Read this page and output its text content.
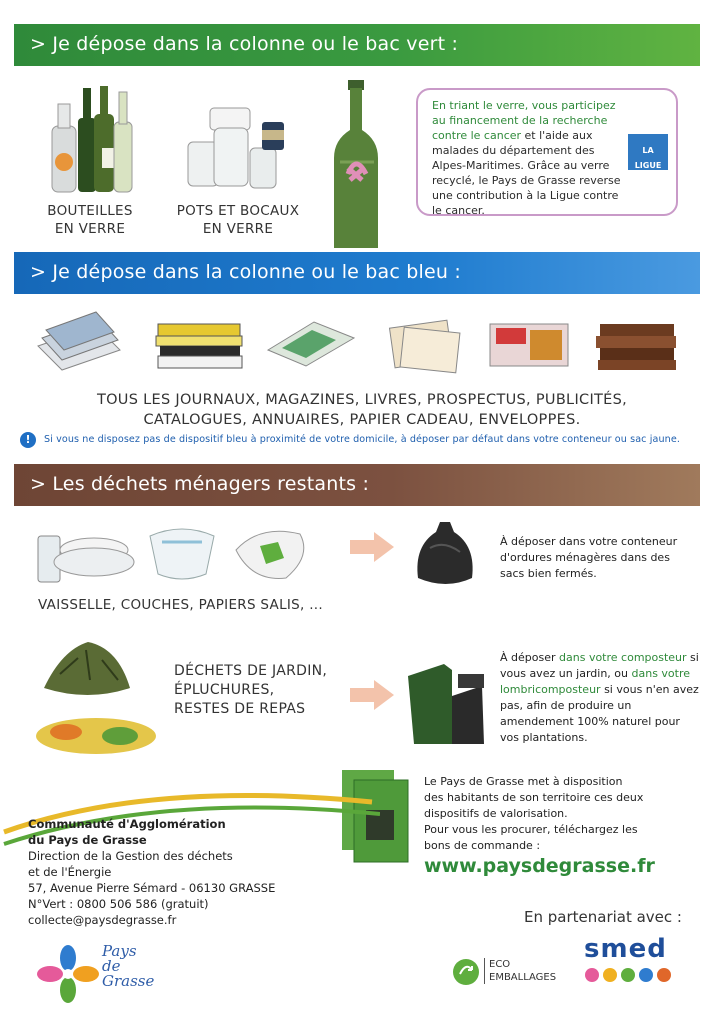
> Je dépose dans la colonne ou le bac vert :
BOUTEILLES
EN VERRE
POTS ET BOCAUX
EN VERRE
En triant le verre, vous participez au financement de la recherche contre le cancer et l'aide aux malades du département des Alpes-Maritimes. Grâce au verre recyclé, le Pays de Grasse reverse une contribution à la Ligue contre le cancer.
LA LIGUE
> Je dépose dans la colonne ou le bac bleu :
TOUS LES JOURNAUX, MAGAZINES, LIVRES, PROSPECTUS, PUBLICITÉS,
CATALOGUES, ANNUAIRES, PAPIER CADEAU, ENVELOPPES.
!	Si vous ne disposez pas de dispositif bleu à proximité de votre domicile, à déposer par défaut dans votre conteneur ou sac jaune.
> Les déchets ménagers restants :
À déposer dans votre conteneur
d'ordures ménagères dans des
sacs bien fermés.
VAISSELLE, COUCHES, PAPIERS SALIS, ...
DÉCHETS DE JARDIN,
ÉPLUCHURES,
RESTES DE REPAS
À déposer dans votre composteur si vous avez un jardin, ou dans votre lombricomposteur si vous n'en avez pas, afin de produire un amendement 100% naturel pour vos plantations.
Le Pays de Grasse met à disposition
des habitants de son territoire ces deux
dispositifs de valorisation.
Pour vous les procurer, téléchargez les
bons de commande :
www.paysdegrasse.fr
Communauté d'Agglomération
du Pays de Grasse
Direction de la Gestion des déchets
et de l'Énergie
57, Avenue Pierre Sémard - 06130 GRASSE
N°Vert : 0800 506 586 (gratuit)
collecte@paysdegrasse.fr
Pays
de
Grasse
En partenariat avec :
ECO
EMBALLAGES
smed
